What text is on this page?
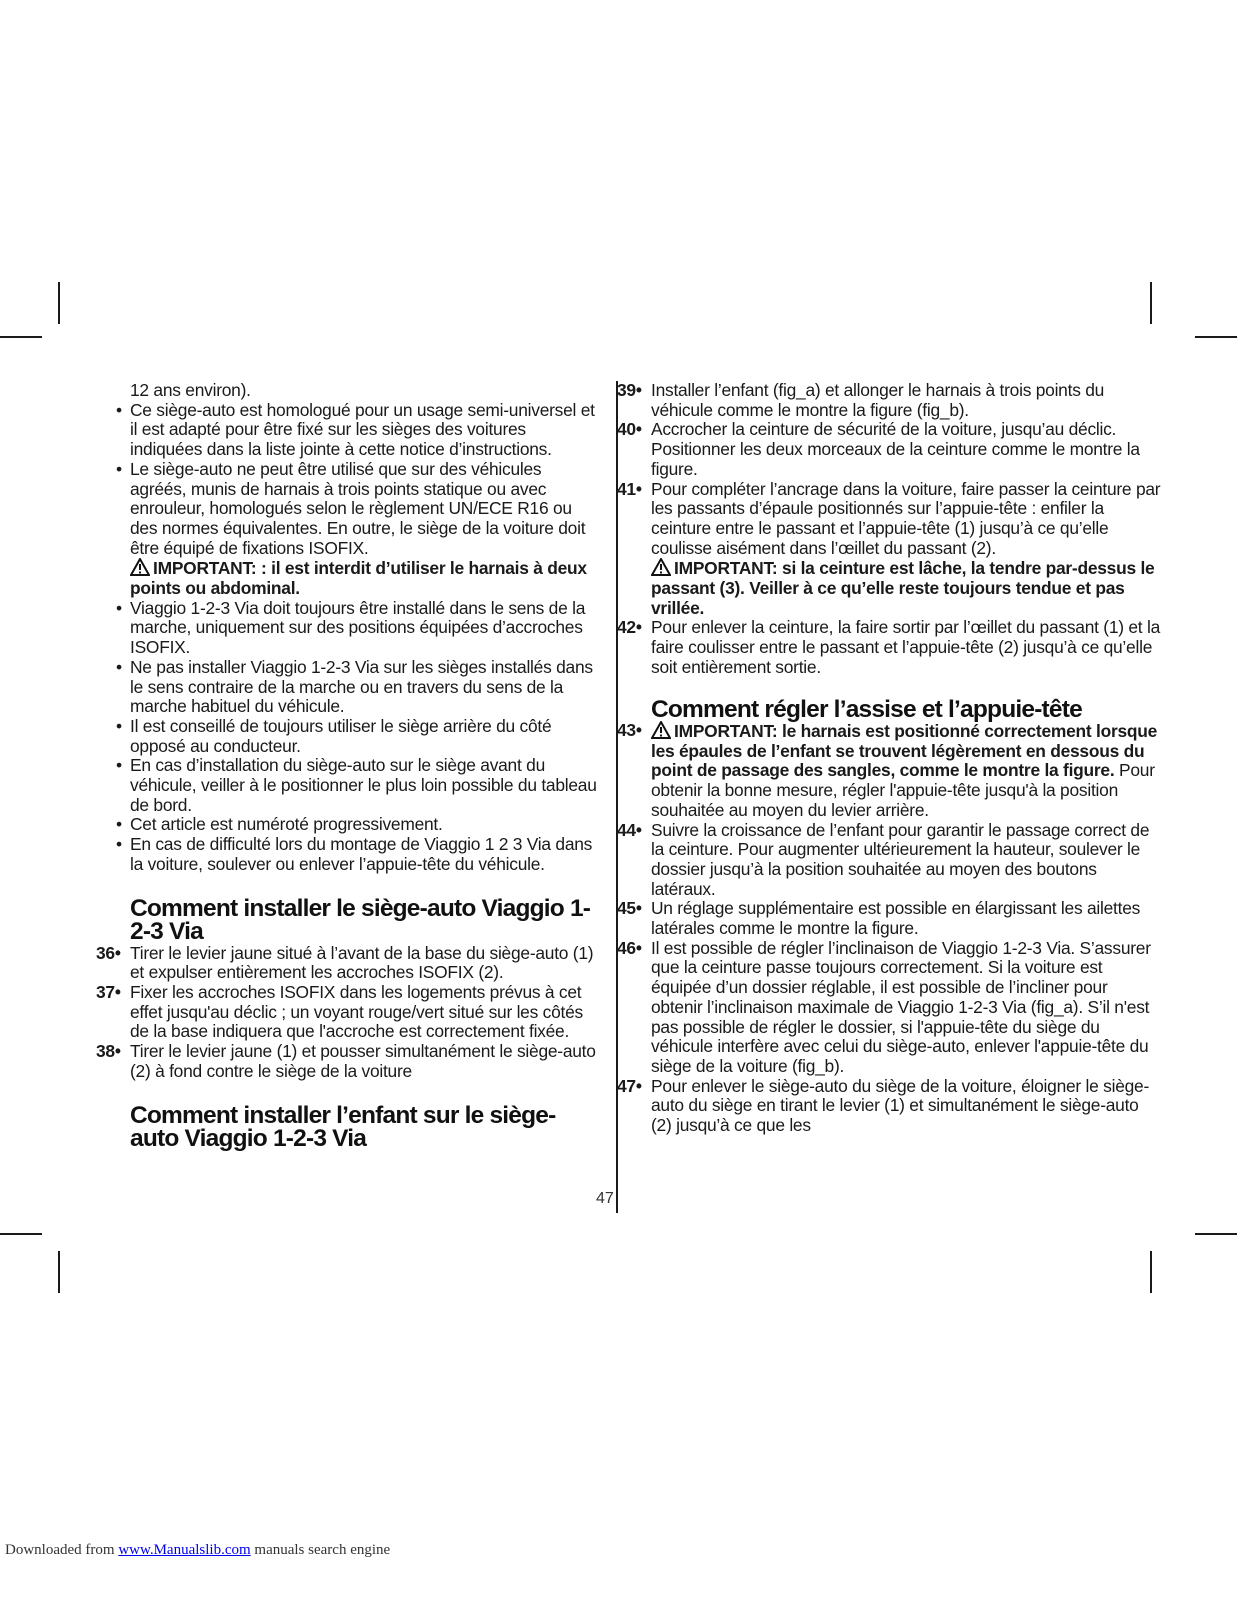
12 ans environ).

• Ce siège-auto est homologué pour un usage semi-universel et il est adapté pour être fixé sur les sièges des voitures indiquées dans la liste jointe à cette notice d’instructions.

• Le siège-auto ne peut être utilisé que sur des véhicules agréés, munis de harnais à trois points statique ou avec enrouleur, homologués selon le règlement UN/ECE R16 ou des normes équivalentes. En outre, le siège de la voiture doit être équipé de fixations ISOFIX.

IMPORTANT: : il est interdit d’utiliser le harnais à deux points ou abdominal.

• Viaggio 1-2-3 Via doit toujours être installé dans le sens de la marche, uniquement sur des positions équipées d’accroches ISOFIX.

• Ne pas installer Viaggio 1-2-3 Via sur les sièges installés dans le sens contraire de la marche ou en travers du sens de la marche habituel du véhicule.

• Il est conseillé de toujours utiliser le siège arrière du côté opposé au conducteur.

• En cas d’installation du siège-auto sur le siège avant du véhicule, veiller à le positionner le plus loin possible du tableau de bord.

• Cet article est numéroté progressivement.

• En cas de difficulté lors du montage de Viaggio 1 2 3 Via dans la voiture, soulever ou enlever l’appuie-tête du véhicule.

Comment installer le siège-auto Viaggio 1-2-3 Via

36• Tirer le levier jaune situé à l’avant de la base du siège-auto (1) et expulser entièrement les accroches ISOFIX (2).

37• Fixer les accroches ISOFIX dans les logements prévus à cet effet jusqu'au déclic ; un voyant rouge/vert situé sur les côtés de la base indiquera que l'accroche est correctement fixée.

38• Tirer le levier jaune (1) et pousser simultanément le siège-auto (2) à fond contre le siège de la voiture

Comment installer l’enfant sur le siège-auto Viaggio 1-2-3 Via

39• Installer l’enfant (fig_a) et allonger le harnais à trois points du véhicule comme le montre la figure (fig_b).

40• Accrocher la ceinture de sécurité de la voiture, jusqu’au déclic. Positionner les deux morceaux de la ceinture comme le montre la figure.

41• Pour compléter l’ancrage dans la voiture, faire passer la ceinture par les passants d’épaule positionnés sur l’appuie-tête : enfiler la ceinture entre le passant et l’appuie-tête (1) jusqu’à ce qu’elle coulisse aisément dans l’œillet du passant (2).

IMPORTANT: si la ceinture est lâche, la tendre par-dessus le passant (3). Veiller à ce qu’elle reste toujours tendue et pas vrillée.

42• Pour enlever la ceinture, la faire sortir par l’œillet du passant (1) et la faire coulisser entre le passant et l’appuie-tête (2) jusqu’à ce qu’elle soit entièrement sortie.

Comment régler l’assise et l’appuie-tête

43•	IMPORTANT: le harnais est positionné correctement lorsque les épaules de l’enfant se trouvent légèrement en dessous du point de passage des sangles, comme le montre la figure. Pour obtenir la bonne mesure, régler l'appuie-tête jusqu'à la position souhaitée au moyen du levier arrière.

44• Suivre la croissance de l’enfant pour garantir le passage correct de la ceinture. Pour augmenter ultérieurement la hauteur, soulever le dossier jusqu’à la position souhaitée au moyen des boutons latéraux.

45• Un réglage supplémentaire est possible en élargissant les ailettes latérales comme le montre la figure.

46• Il est possible de régler l’inclinaison de Viaggio 1-2-3 Via. S’assurer que la ceinture passe toujours correctement. Si la voiture est équipée d’un dossier réglable, il est possible de l’incliner pour obtenir l’inclinaison maximale de Viaggio 1-2-3 Via (fig_a). S’il n'est pas possible de régler le dossier, si l'appuie-tête du siège du véhicule interfère avec celui du siège-auto, enlever l'appuie-tête du siège de la voiture (fig_b).

47• Pour enlever le siège-auto du siège de la voiture, éloigner le siège-auto du siège en tirant le levier (1) et simultanément le siège-auto (2) jusqu’à ce que les

47
Downloaded from www.Manualslib.com manuals search engine
